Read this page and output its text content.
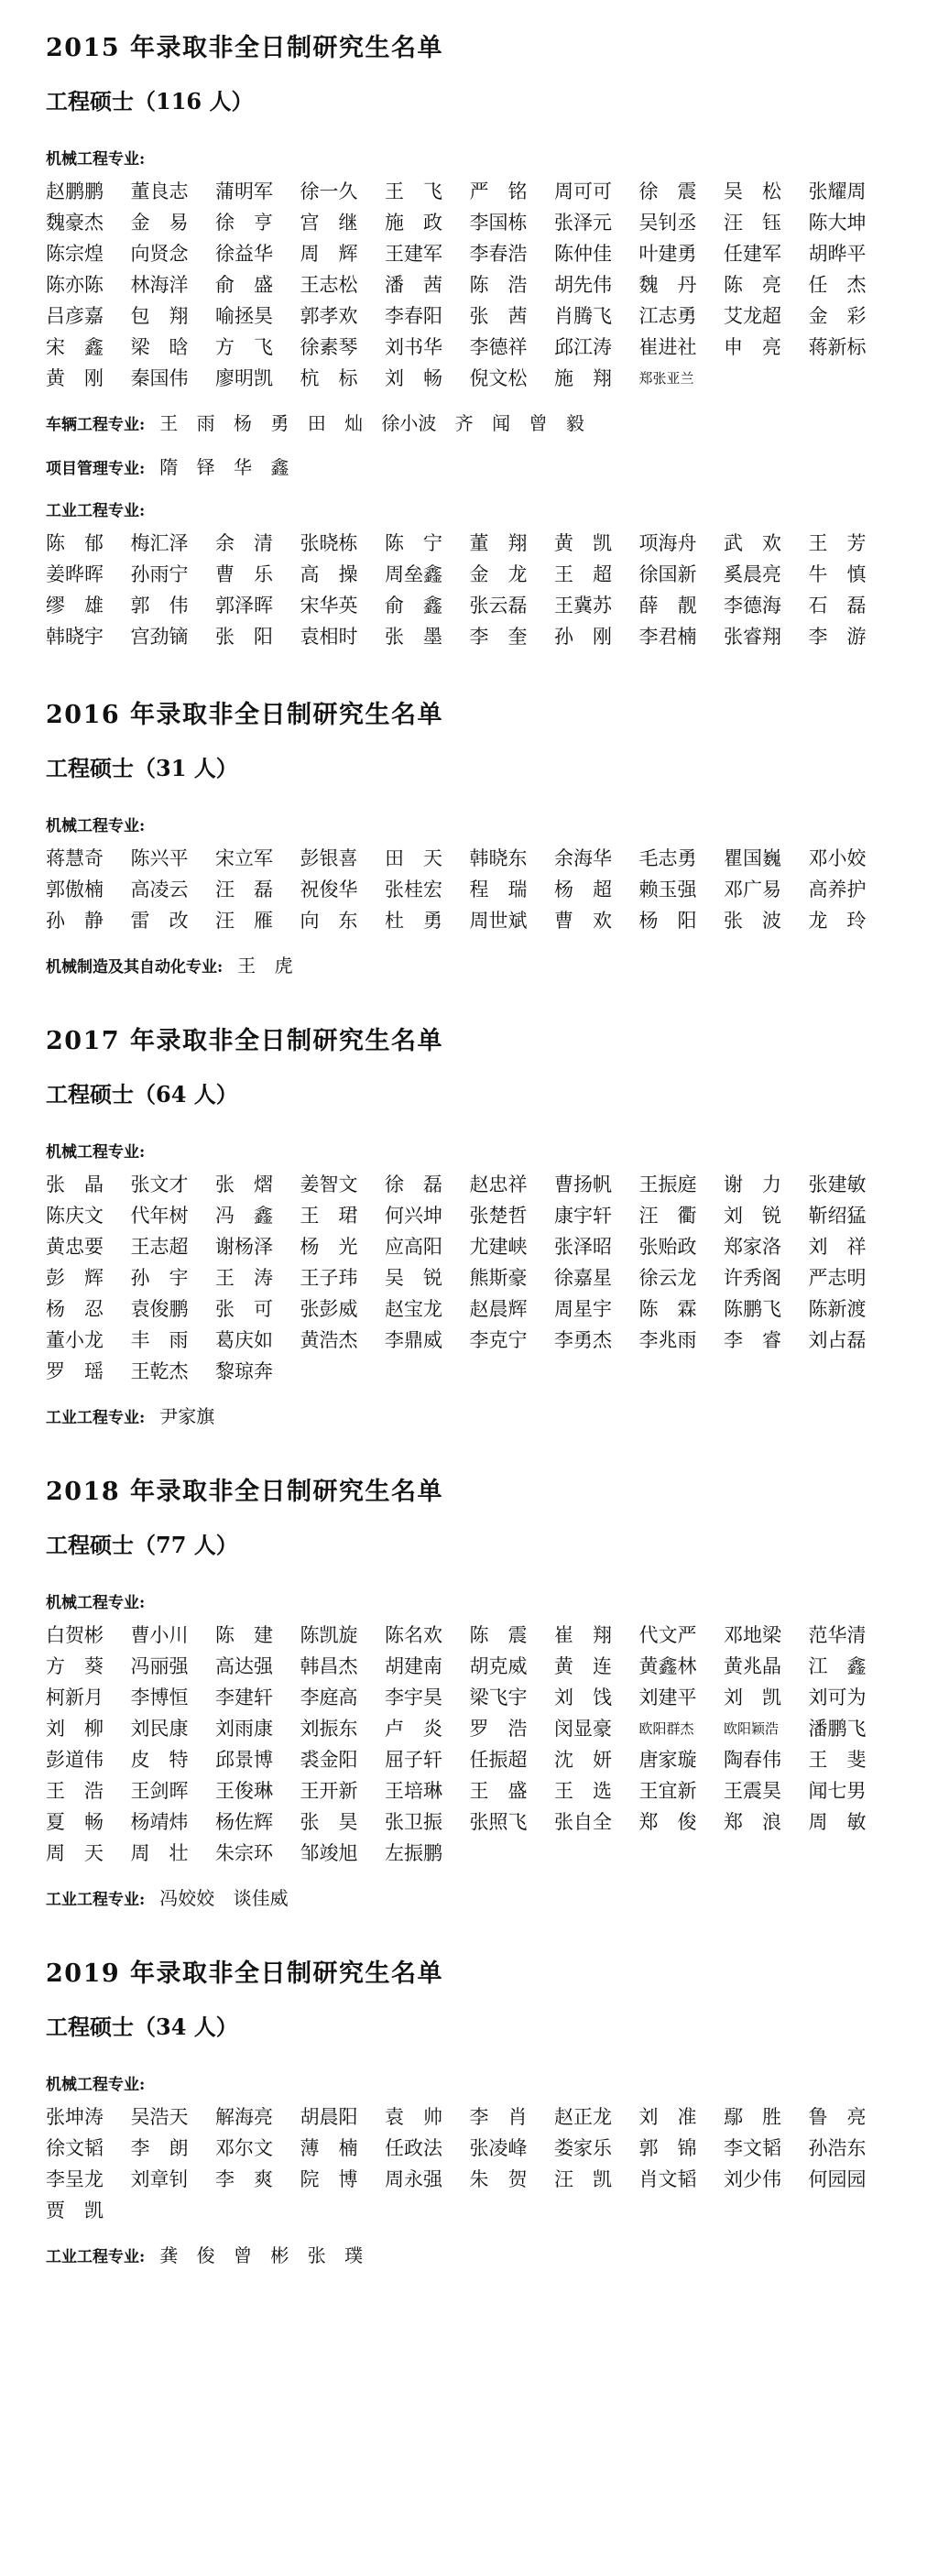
2015 年录取非全日制研究生名单
工程硕士（116 人）
机械工程专业:
赵鹏鹏	董良志	蒲明军	徐一久	王　飞	严　铭	周可可	徐　震	吴　松	张耀周
魏豪杰	金　易	徐　亨	宫　继	施　政	李国栋	张泽元	吴钊丞	汪　钰	陈大坤
陈宗煌	向贤念	徐益华	周　辉	王建军	李春浩	陈仲佳	叶建勇	任建军	胡晔平
陈亦陈	林海洋	俞　盛	王志松	潘　茜	陈　浩	胡先伟	魏　丹	陈　亮	任　杰
吕彦嘉	包　翔	喻拯昊	郭孝欢	李春阳	张　茜	肖腾飞	江志勇	艾龙超	金　彩
宋　鑫	梁　晗	方　飞	徐素琴	刘书华	李德祥	邱江涛	崔进社	申　亮	蒋新标
黄　刚	秦国伟	廖明凯	杭　标	刘　畅	倪文松	施　翔	郑张亚兰
车辆工程专业: 王 雨 杨 勇 田 灿 徐小波 齐 闻 曾 毅
项目管理专业: 隋 铎 华 鑫
工业工程专业:
陈　郁	梅汇泽	余　清	张晓栋	陈　宁	董　翔	黄　凯	项海舟	武　欢	王　芳
姜晔晖	孙雨宁	曹　乐	高　操	周垒鑫	金　龙	王　超	徐国新	奚晨亮	牛　慎
缪　雄	郭　伟	郭泽晖	宋华英	俞　鑫	张云磊	王冀苏	薛　靓	李德海	石　磊
韩晓宇	宫劲镝	张　阳	袁相时	张　墨	李　奎	孙　刚	李君楠	张睿翔	李　游
2016 年录取非全日制研究生名单
工程硕士（31 人）
机械工程专业:
蒋慧奇	陈兴平	宋立军	彭银喜	田　天	韩晓东	余海华	毛志勇	瞿国巍	邓小姣
郭傲楠	高凌云	汪　磊	祝俊华	张桂宏	程　瑞	杨　超	赖玉强	邓广易	高养护
孙　静	雷　改	汪　雁	向　东	杜　勇	周世斌	曹　欢	杨　阳	张　波	龙　玲
机械制造及其自动化专业: 王 虎
2017 年录取非全日制研究生名单
工程硕士（64 人）
机械工程专业:
张　晶	张文才	张　熠	姜智文	徐　磊	赵忠祥	曹扬帆	王振庭	谢　力	张建敏
陈庆文	代年树	冯　鑫	王　珺	何兴坤	张楚哲	康宇轩	汪　衢	刘　锐	靳绍猛
黄忠要	王志超	谢杨泽	杨　光	应高阳	尤建峡	张泽昭	张贻政	郑家洛	刘　祥
彭　辉	孙　宇	王　涛	王子玮	吴　锐	熊斯豪	徐嘉星	徐云龙	许秀阁	严志明
杨　忍	袁俊鹏	张　可	张彭威	赵宝龙	赵晨辉	周星宇	陈　霖	陈鹏飞	陈新渡
董小龙	丰　雨	葛庆如	黄浩杰	李鼎威	李克宁	李勇杰	李兆雨	李　睿	刘占磊
罗　瑶	王乾杰	黎琼奔
工业工程专业: 尹家旗
2018 年录取非全日制研究生名单
工程硕士（77 人）
机械工程专业:
白贺彬	曹小川	陈　建	陈凯旋	陈名欢	陈　震	崔　翔	代文严	邓地梁	范华清
方　葵	冯丽强	高达强	韩昌杰	胡建南	胡克威	黄　连	黄鑫林	黄兆晶	江　鑫
柯新月	李博恒	李建轩	李庭高	李宇昊	梁飞宇	刘　饯	刘建平	刘　凯	刘可为
刘　柳	刘民康	刘雨康	刘振东	卢　炎	罗　浩	闵显豪	欧阳群杰	欧阳颖浩	潘鹏飞
彭道伟	皮　特	邱景博	裘金阳	屈子轩	任振超	沈　妍	唐家璇	陶春伟	王　斐
王　浩	王剑晖	王俊琳	王开新	王培琳	王　盛	王　选	王宜新	王震昊	闻七男
夏　畅	杨靖炜	杨佐辉	张　昊	张卫振	张照飞	张自全	郑　俊	郑　浪	周　敏
周　天	周　壮	朱宗环	邹竣旭	左振鹏
工业工程专业: 冯姣姣 谈佳威
2019 年录取非全日制研究生名单
工程硕士（34 人）
机械工程专业:
张坤涛	吴浩天	解海亮	胡晨阳	袁　帅	李　肖	赵正龙	刘　准	鄢　胜	鲁　亮
徐文韬	李　朗	邓尔文	薄　楠	任政法	张凌峰	娄家乐	郭　锦	李文韬	孙浩东
李呈龙	刘章钊	李　爽	院　博	周永强	朱　贺	汪　凯	肖文韬	刘少伟	何园园
贾　凯
工业工程专业: 龚 俊 曾 彬 张 璞
